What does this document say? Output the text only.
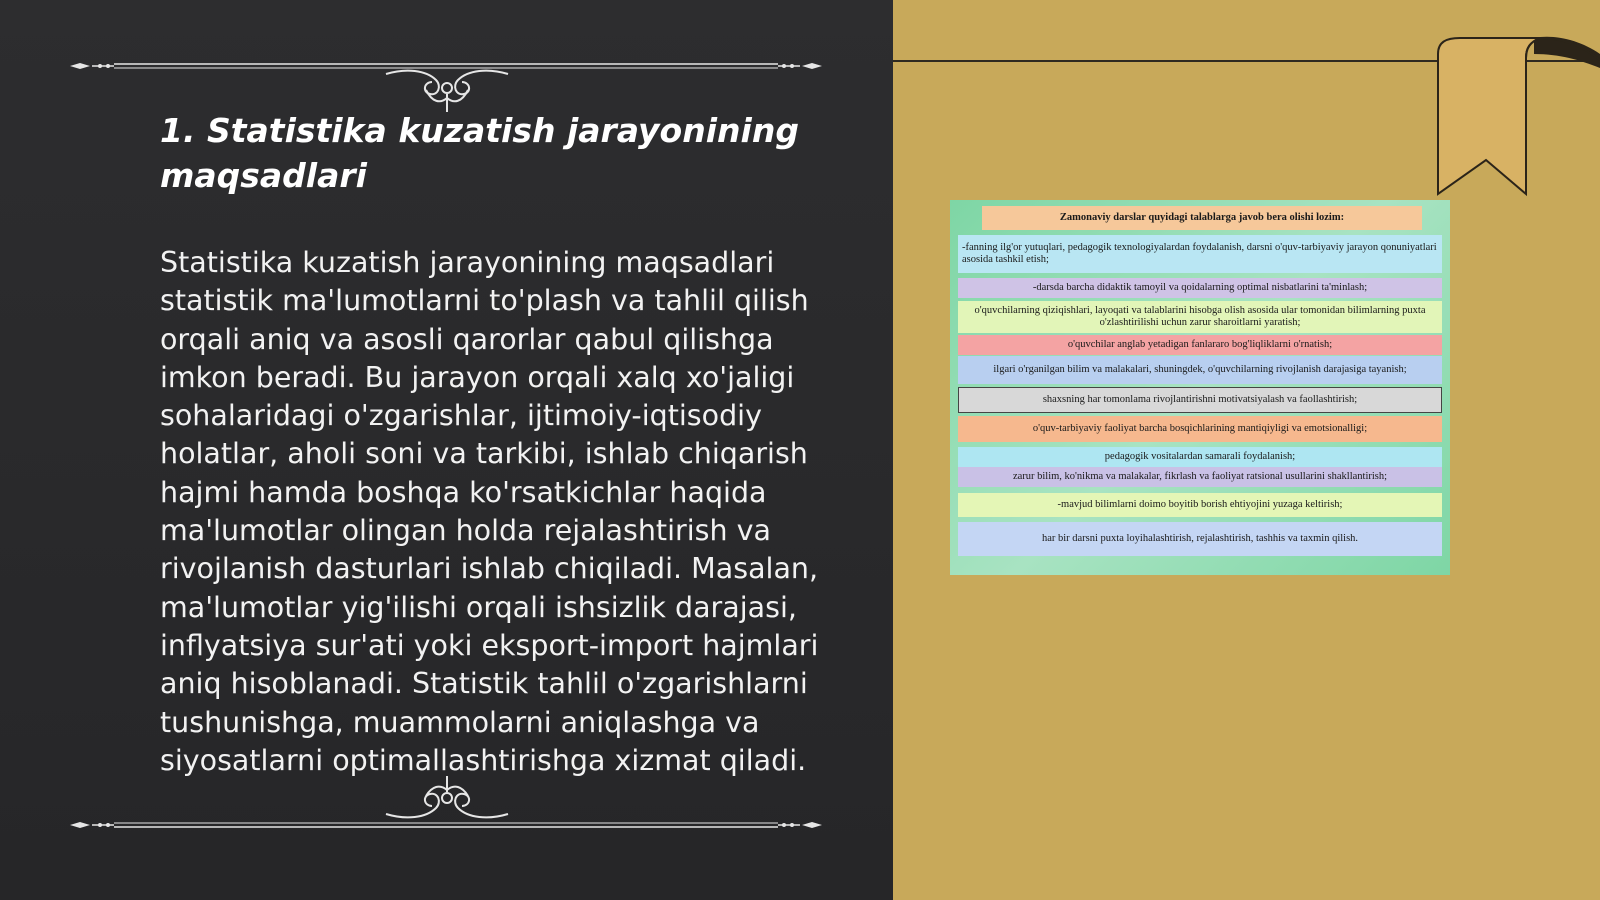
1. Statistika kuzatish jarayonining maqsadlari

Statistika kuzatish jarayonining maqsadlari statistik ma'lumotlarni to'plash va tahlil qilish orqali aniq va asosli qarorlar qabul qilishga imkon beradi. Bu jarayon orqali xalq xo'jaligi sohalaridagi o'zgarishlar, ijtimoiy-iqtisodiy holatlar, aholi soni va tarkibi, ishlab chiqarish hajmi hamda boshqa ko'rsatkichlar haqida ma'lumotlar olingan holda rejalashtirish va rivojlanish dasturlari ishlab chiqiladi. Masalan, ma'lumotlar yig'ilishi orqali ishsizlik darajasi, inflyatsiya sur'ati yoki eksport-import hajmlari aniq hisoblanadi. Statistik tahlil o'zgarishlarni tushunishga, muammolarni aniqlashga va siyosatlarni optimallashtirishga xizmat qiladi.

Zamonaviy darslar quyidagi talablarga javob bera olishi lozim:
-fanning ilg'or yutuqlari, pedagogik texnologiyalardan foydalanish, darsni o'quv-tarbiyaviy jarayon qonuniyatlari asosida tashkil etish;
-darsda barcha didaktik tamoyil va qoidalarning optimal nisbatlarini ta'minlash;
o'quvchilarning qiziqishlari, layoqati va talablarini hisobga olish asosida ular tomonidan bilimlarning puxta o'zlashtirilishi uchun zarur sharoitlarni yaratish;
o'quvchilar anglab yetadigan fanlararo bog'liqliklarni o'rnatish;
ilgari o'rganilgan bilim va malakalari, shuningdek, o'quvchilarning rivojlanish darajasiga tayanish;
shaxsning har tomonlama rivojlantirishni motivatsiyalash va faollashtirish;
o'quv-tarbiyaviy faoliyat barcha bosqichlarining mantiqiyligi va emotsionalligi;
pedagogik vositalardan samarali foydalanish;
zarur bilim, ko'nikma va malakalar, fikrlash va faoliyat ratsional usullarini shakllantirish;
-mavjud bilimlarni doimo boyitib borish ehtiyojini yuzaga keltirish;
har bir darsni puxta loyihalashtirish, rejalashtirish, tashhis va taxmin qilish.
